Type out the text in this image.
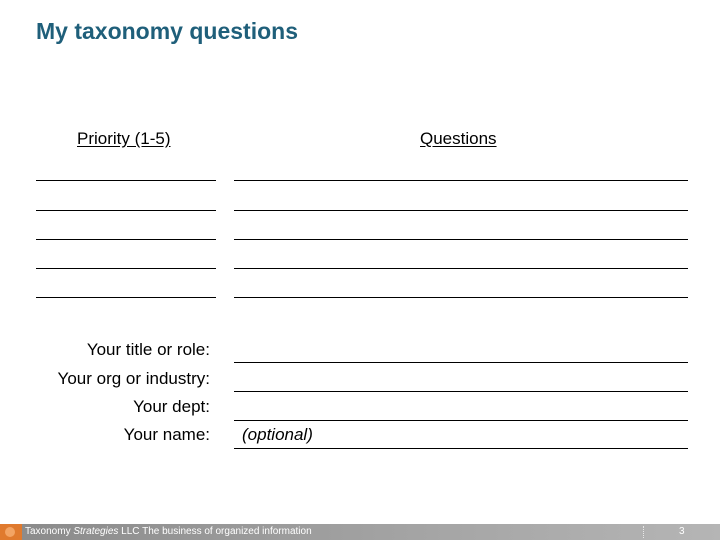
My taxonomy questions
Priority (1-5)	Questions
Your title or role:
Your org or industry:
Your dept:
Your name: (optional)
Taxonomy Strategies LLC The business of organized information	3
